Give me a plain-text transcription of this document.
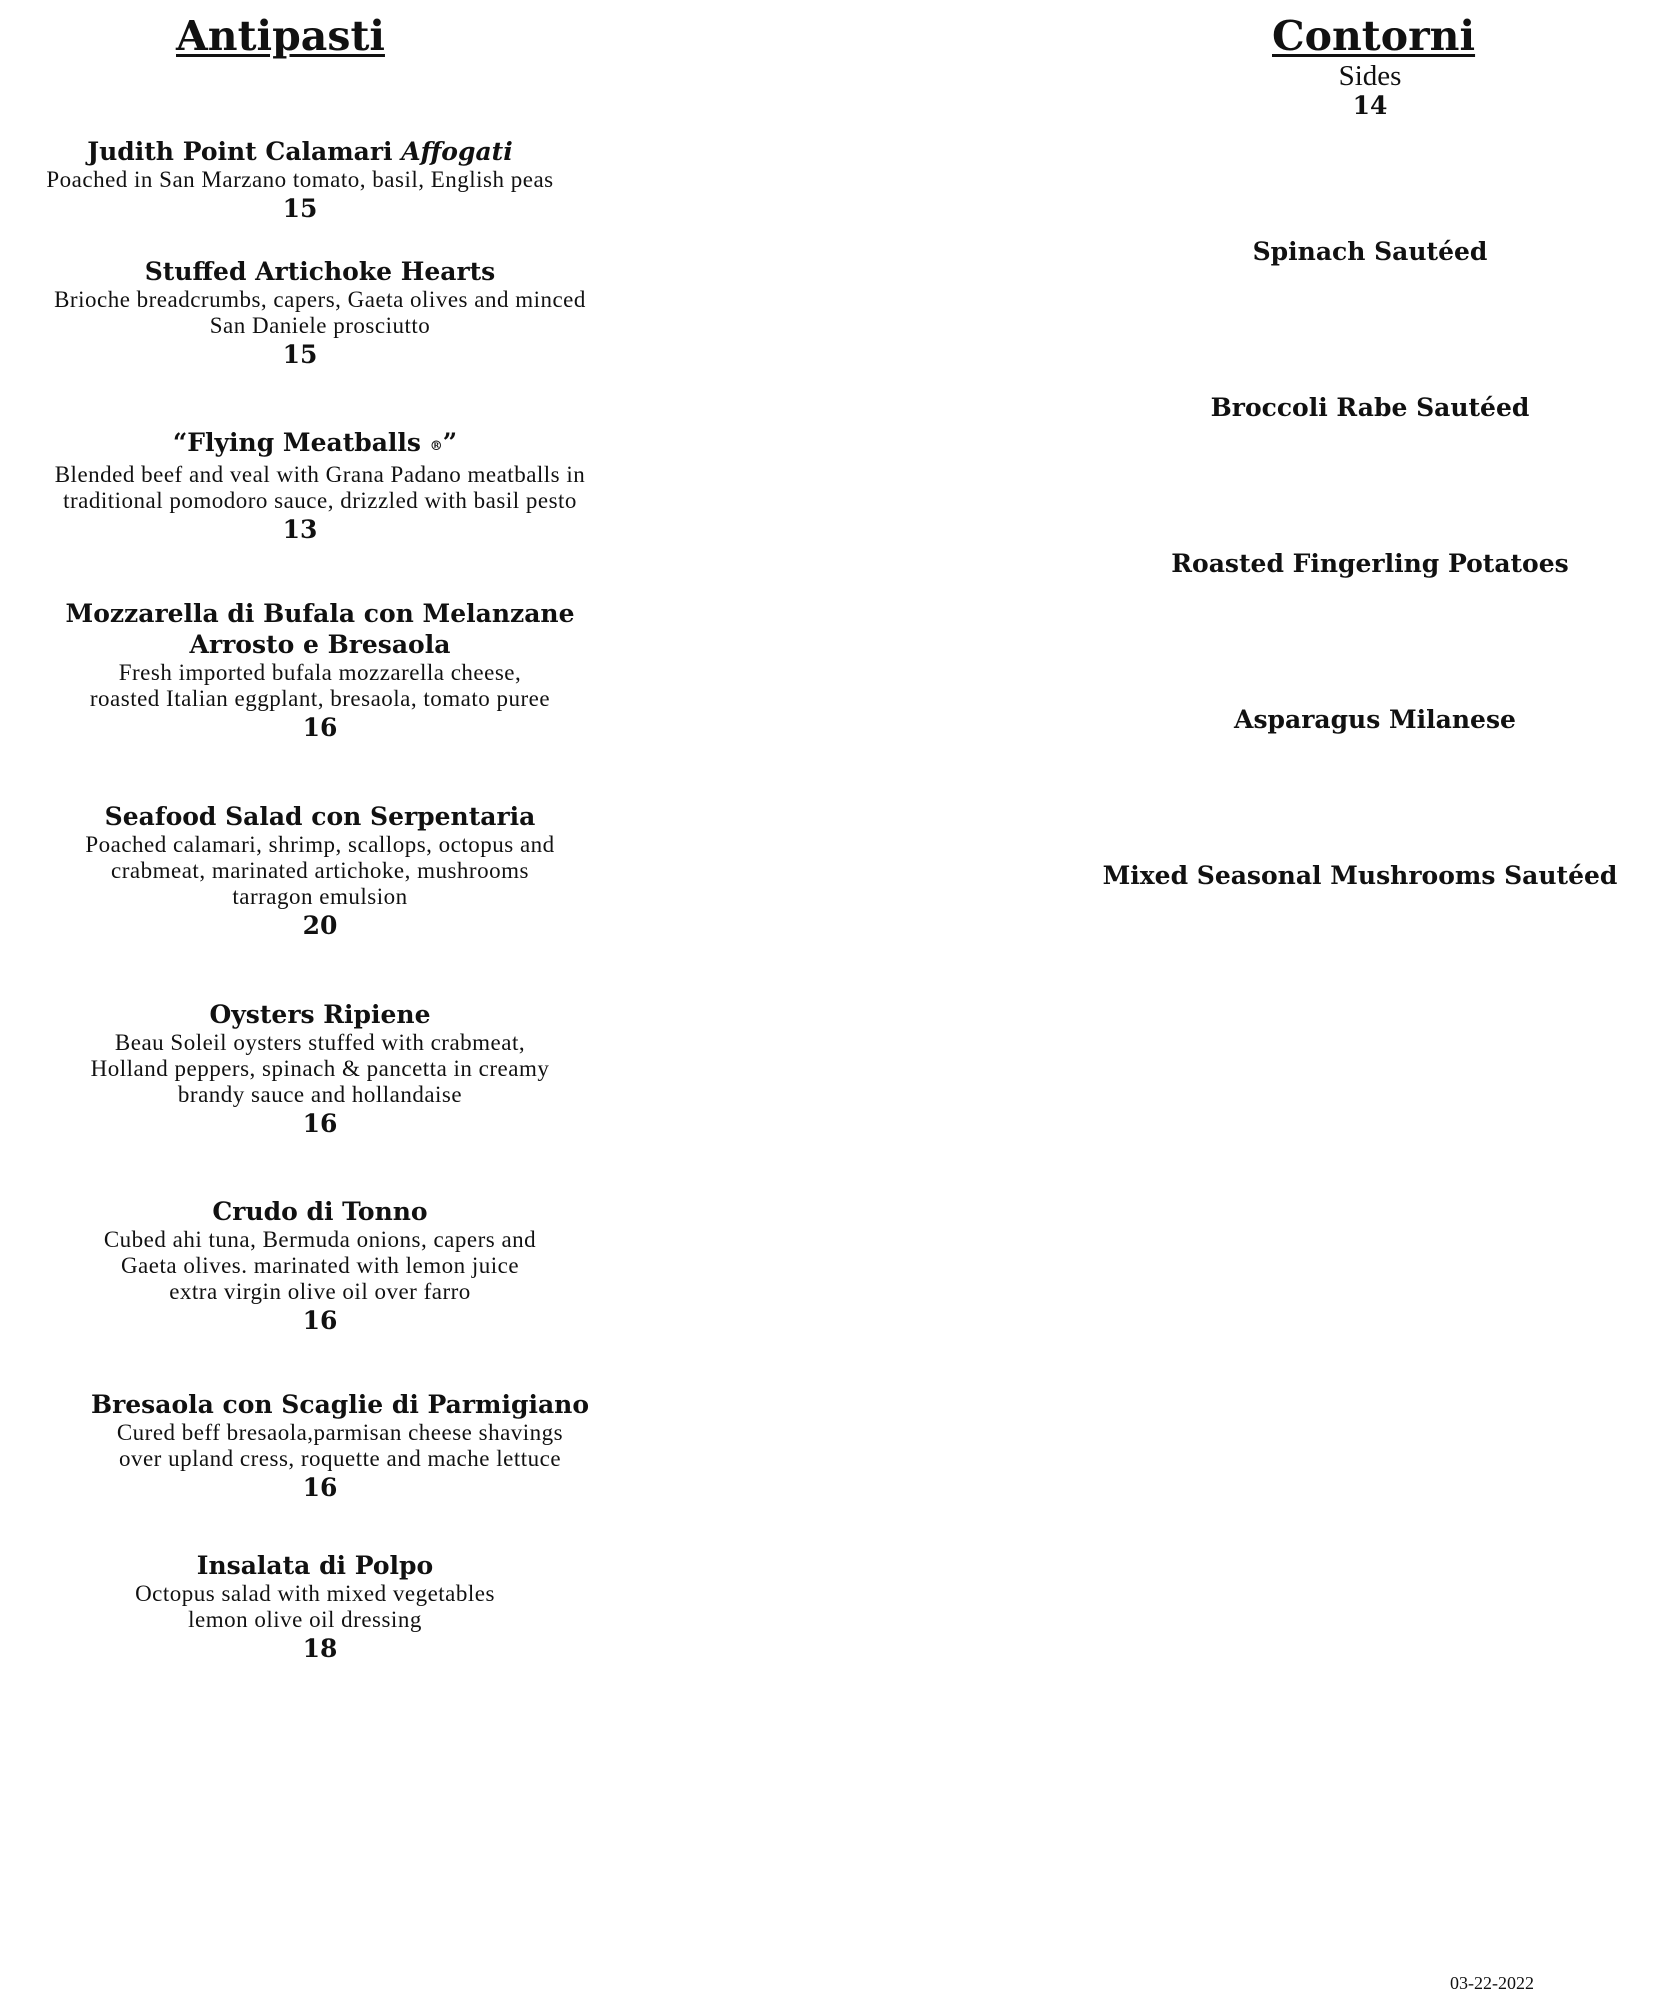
Antipasti
Judith Point Calamari Affogati
Poached in San Marzano tomato, basil, English peas
15
Stuffed Artichoke Hearts
Brioche breadcrumbs, capers, Gaeta olives and minced
San Daniele prosciutto
15
“Flying Meatballs ®”
Blended beef and veal with Grana Padano meatballs in
traditional pomodoro sauce, drizzled with basil pesto
13
Mozzarella di Bufala con Melanzane
Arrosto e Bresaola
Fresh imported bufala mozzarella cheese,
roasted Italian eggplant, bresaola, tomato puree
16
Seafood Salad con Serpentaria
Poached calamari, shrimp, scallops, octopus and
crabmeat, marinated artichoke, mushrooms
tarragon emulsion
20
Oysters Ripiene
Beau Soleil oysters stuffed with crabmeat,
Holland peppers, spinach & pancetta in creamy
brandy sauce and hollandaise
16
Crudo di Tonno
Cubed ahi tuna, Bermuda onions, capers and
Gaeta olives. marinated with lemon juice
extra virgin olive oil over farro
16
Bresaola con Scaglie di Parmigiano
Cured beff bresaola,parmisan cheese shavings
over upland cress, roquette and mache lettuce
16
Insalata di Polpo
Octopus salad with mixed vegetables
lemon olive oil dressing
18
Contorni
Sides
14
Spinach Sautéed
Broccoli Rabe Sautéed
Roasted Fingerling Potatoes
Asparagus Milanese
Mixed Seasonal Mushrooms Sautéed
03-22-2022
